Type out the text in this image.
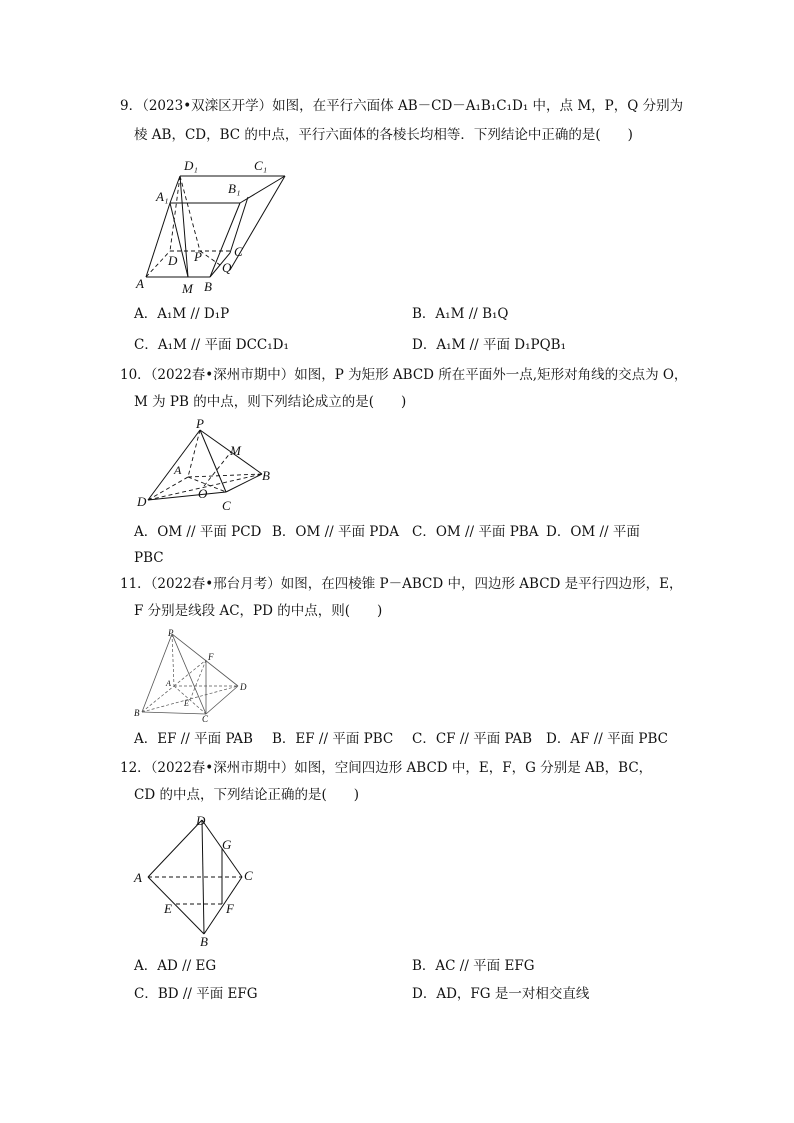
9．（2023•双滦区开学）如图，在平行六面体 AB－CD－A₁B₁C₁D₁ 中，点 M，P，Q 分别为
棱 AB，CD，BC 的中点，平行六面体的各棱长均相等．下列结论中正确的是(　　)
D₁	C₁
A₁
B₁
D P C
Q
A	M B
A．A₁M // D₁P	B．A₁M // B₁Q
C．A₁M // 平面 DCC₁D₁	D．A₁M // 平面 D₁PQB₁
10．（2022春•深州市期中）如图，P 为矩形 ABCD 所在平面外一点,矩形对角线的交点为 O，
M 为 PB 的中点，则下列结论成立的是(　　)
P
M
A	B
O
D	C
A．OM // 平面 PCD B．OM // 平面 PDA C．OM // 平面 PBA D．OM // 平面
PBC
11．（2022春•邢台月考）如图，在四棱锥 P－ABCD 中，四边形 ABCD 是平行四边形，E，
F 分别是线段 AC，PD 的中点，则(　　)
P
F
A	D
E
B
C
A．EF // 平面 PAB B．EF // 平面 PBC C．CF // 平面 PAB D．AF // 平面 PBC
12．（2022春•深州市期中）如图，空间四边形 ABCD 中，E，F，G 分别是 AB，BC，
CD 的中点，下列结论正确的是(　　)
D
G
A	C
E	F
B
A．AD // EG	B．AC // 平面 EFG
C．BD // 平面 EFG	D．AD，FG 是一对相交直线
